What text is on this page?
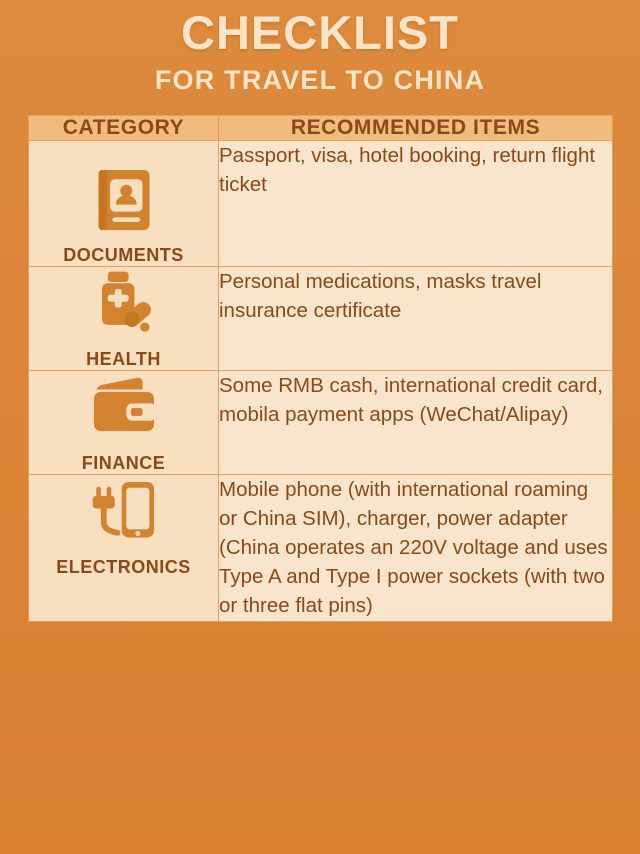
CHECKLIST
FOR TRAVEL TO CHINA
CATEGORY	RECOMMENDED ITEMS

DOCUMENTS	Passport, visa, hotel booking, return flight ticket

HEALTH	Personal medications, masks travel insurance certificate

FINANCE	Some RMB cash, international credit card, mobila payment apps (WeChat/Alipay)

ELECTRONICS	Mobile phone (with international roaming or China SIM), charger, power adapter (China operates an 220V voltage and uses Type A and Type I power sockets (with two or three flat pins)
